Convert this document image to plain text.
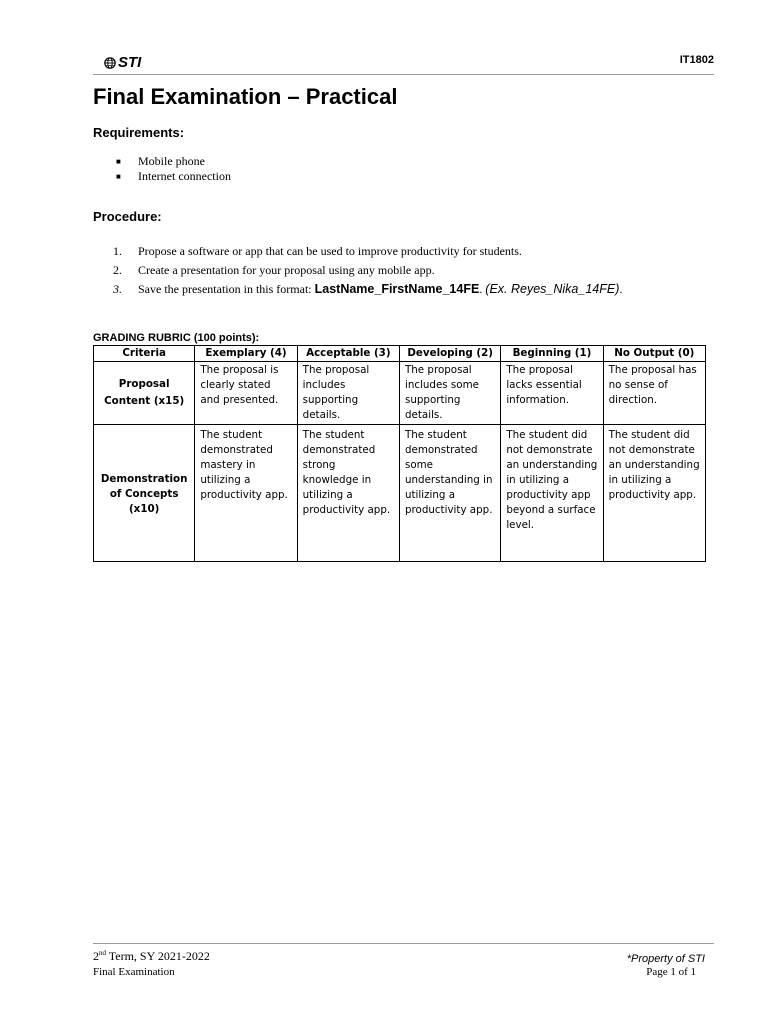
STI	IT1802
Final Examination – Practical
Requirements:
■	Mobile phone
■	Internet connection
Procedure:
1.	Propose a software or app that can be used to improve productivity for students.
2.	Create a presentation for your proposal using any mobile app.
3.	Save the presentation in this format: LastName_FirstName_14FE. (Ex. Reyes_Nika_14FE).
GRADING RUBRIC (100 points):
Criteria	Exemplary (4)	Acceptable (3)	Developing (2)	Beginning (1)	No Output (0)

Proposal
Content (x15)	The proposal is clearly stated and presented.	The proposal includes supporting details.	The proposal includes some supporting details.	The proposal lacks essential information.	The proposal has no sense of direction.

Demonstration of Concepts
(x10)	The student demonstrated mastery in utilizing a productivity app.	The student demonstrated strong knowledge in utilizing a productivity app.	The student demonstrated some understanding in utilizing a productivity app.	The student did not demonstrate an understanding in utilizing a productivity app beyond a surface level.	The student did not demonstrate an understanding in utilizing a productivity app.
2nd Term, SY 2021-2022
Final Examination
*Property of STI
Page 1 of 1
